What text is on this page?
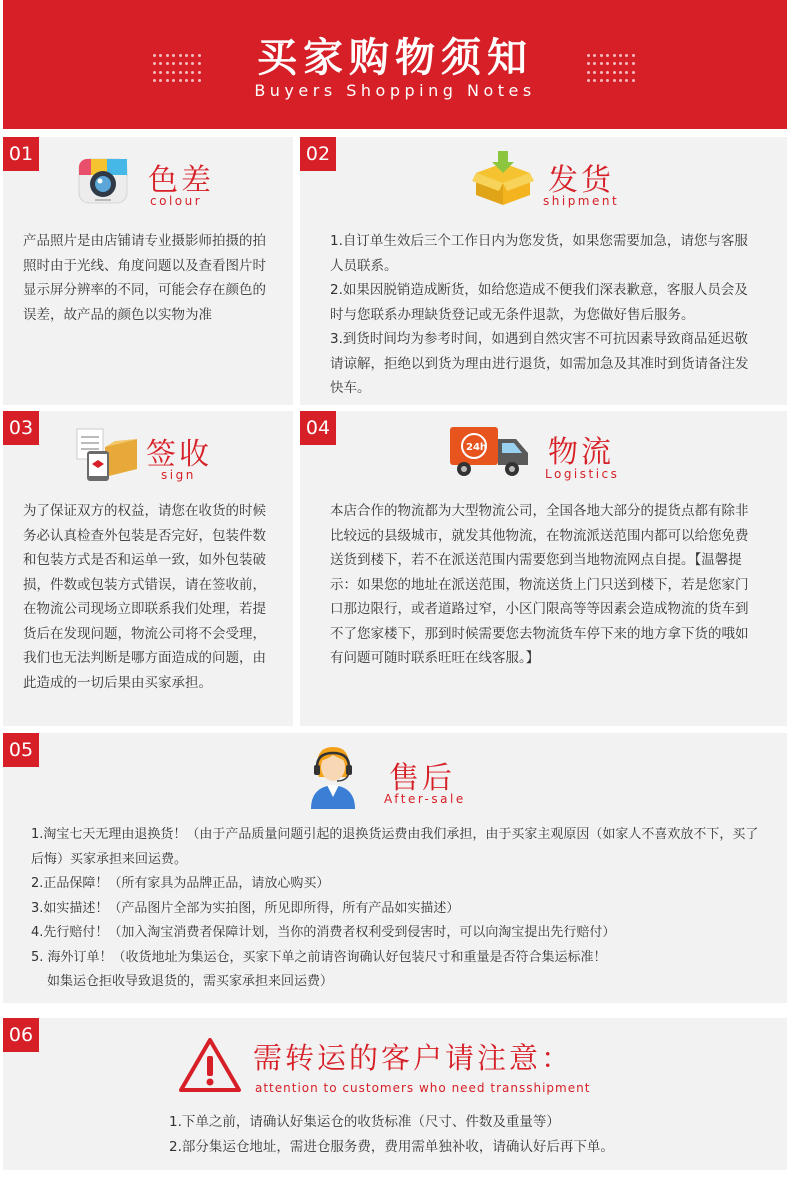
买家购物须知
Buyers Shopping Notes
01
色差
colour
产品照片是由店铺请专业摄影师拍摄的拍照时由于光线、角度问题以及查看图片时显示屏分辨率的不同，可能会存在颜色的误差，故产品的颜色以实物为准
02
发货
shipment
1.自订单生效后三个工作日内为您发货，如果您需要加急，请您与客服人员联系。
2.如果因脱销造成断货，如给您造成不便我们深表歉意，客服人员会及时与您联系办理缺货登记或无条件退款，为您做好售后服务。
3.到货时间均为参考时间，如遇到自然灾害不可抗因素导致商品延迟敬请谅解，拒绝以到货为理由进行退货，如需加急及其准时到货请备注发快车。
03
签收
sign
为了保证双方的权益，请您在收货的时候务必认真检查外包装是否完好，包装件数和包装方式是否和运单一致，如外包装破损，件数或包装方式错误，请在签收前，在物流公司现场立即联系我们处理，若提货后在发现问题，物流公司将不会受理，我们也无法判断是哪方面造成的问题，由此造成的一切后果由买家承担。
04
24h 物流
Logistics
本店合作的物流都为大型物流公司，全国各地大部分的提货点都有除非比较远的县级城市，就发其他物流，在物流派送范围内都可以给您免费送货到楼下，若不在派送范围内需要您到当地物流网点自提。【温馨提示：如果您的地址在派送范围，物流送货上门只送到楼下，若是您家门口那边限行，或者道路过窄，小区门限高等等因素会造成物流的货车到不了您家楼下，那到时候需要您去物流货车停下来的地方拿下货的哦如有问题可随时联系旺旺在线客服。】
05
售后
After-sale
1.淘宝七天无理由退换货！（由于产品质量问题引起的退换货运费由我们承担，由于买家主观原因（如家人不喜欢放不下，买了后悔）买家承担来回运费。
2.正品保障！（所有家具为品牌正品，请放心购买）
3.如实描述！（产品图片全部为实拍图，所见即所得，所有产品如实描述）
4.先行赔付！（加入淘宝消费者保障计划，当你的消费者权利受到侵害时，可以向淘宝提出先行赔付）
5. 海外订单！（收货地址为集运仓，买家下单之前请咨询确认好包装尺寸和重量是否符合集运标准！
如集运仓拒收导致退货的，需买家承担来回运费）
06
需转运的客户请注意：
attention to customers who need transshipment
1.下单之前，请确认好集运仓的收货标准（尺寸、件数及重量等）
2.部分集运仓地址，需进仓服务费，费用需单独补收，请确认好后再下单。
